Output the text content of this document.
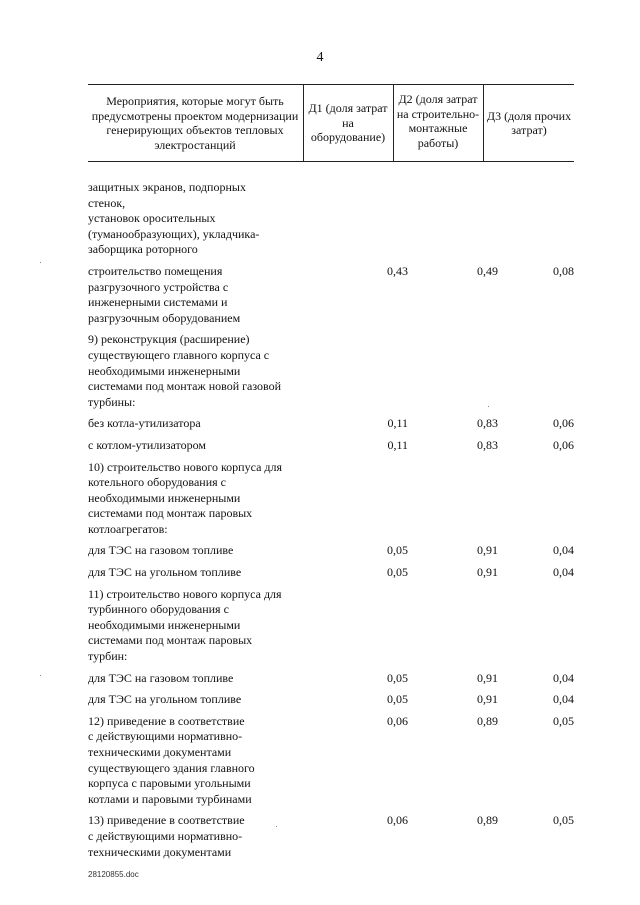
4
Мероприятия, которые могут быть предусмотрены проектом модернизации генерирующих объектов тепловых электростанций
Д1 (доля затрат на оборудование)
Д2 (доля затрат на строительно-монтажные работы)
Д3 (доля прочих затрат)
защитных экранов, подпорных стенок,
установок оросительных
(туманообразующих), укладчика-
заборщика роторного
строительство помещения
разгрузочного устройства с
инженерными системами и
разгрузочным оборудованием
0,43	0,49	0,08
9) реконструкция (расширение)
существующего главного корпуса с
необходимыми инженерными
системами под монтаж новой газовой
турбины:
без котла-утилизатора	0,11	0,83	0,06
с котлом-утилизатором	0,11	0,83	0,06
10) строительство нового корпуса для
котельного оборудования с
необходимыми инженерными
системами под монтаж паровых
котлоагрегатов:
для ТЭС на газовом топливе	0,05	0,91	0,04
для ТЭС на угольном топливе	0,05	0,91	0,04
11) строительство нового корпуса для
турбинного оборудования с
необходимыми инженерными
системами под монтаж паровых
турбин:
для ТЭС на газовом топливе	0,05	0,91	0,04
для ТЭС на угольном топливе	0,05	0,91	0,04
12) приведение в соответствие
с действующими нормативно-
техническими документами
существующего здания главного
корпуса с паровыми угольными
котлами и паровыми турбинами
0,06	0,89	0,05
13) приведение в соответствие
с действующими нормативно-
техническими документами
0,06	0,89	0,05
28120855.doc
